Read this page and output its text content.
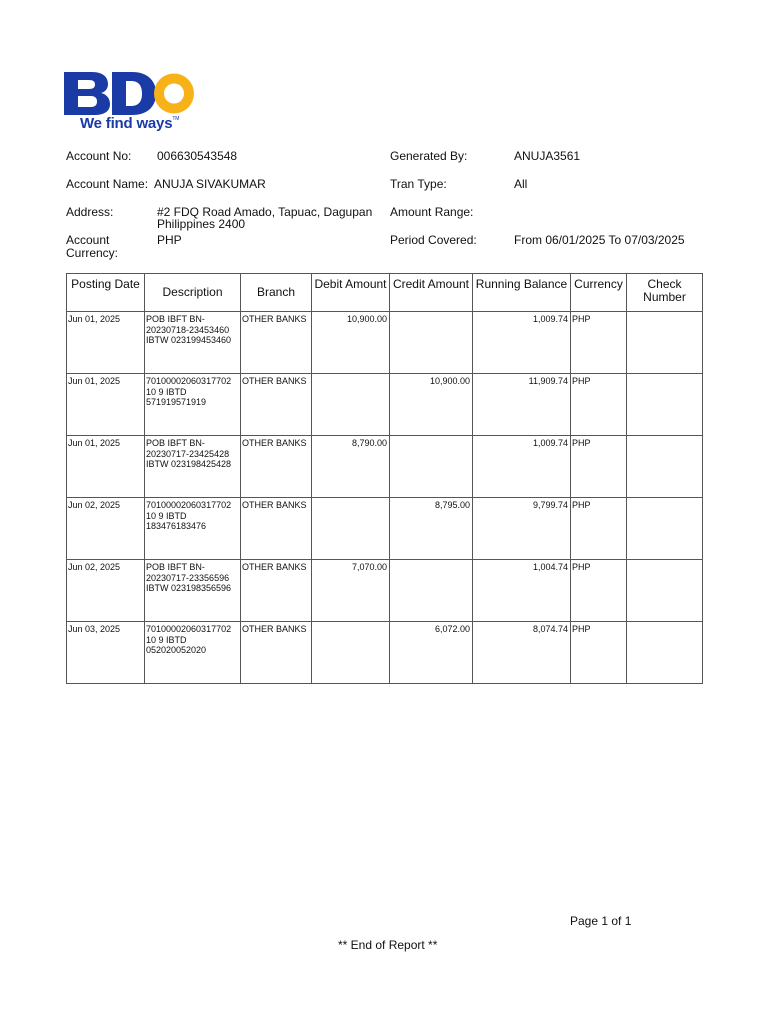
We find ways™
Account No: 006630543548
Account Name: ANUJA SIVAKUMAR
Address:	#2 FDQ Road Amado, Tapuac, Dagupan
Philippines 2400
Account
Currency:
PHP
Generated By:	ANUJA3561
Tran Type:	All
Amount Range:
Period Covered:	From 06/01/2025 To 07/03/2025
Posting Date	Description	Branch	Debit Amount	Credit Amount	Running Balance	Currency	Check Number
Jun 01, 2025	POB IBFT BN-
20230718-23453460
IBTW 023199453460	OTHER BANKS	10,900.00		1,009.74	PHP	
Jun 01, 2025	70100002060317702
10 9 IBTD
571919571919	OTHER BANKS		10,900.00	11,909.74	PHP	
Jun 01, 2025	POB IBFT BN-
20230717-23425428
IBTW 023198425428	OTHER BANKS	8,790.00		1,009.74	PHP	
Jun 02, 2025	70100002060317702
10 9 IBTD
183476183476	OTHER BANKS		8,795.00	9,799.74	PHP	
Jun 02, 2025	POB IBFT BN-
20230717-23356596
IBTW 023198356596	OTHER BANKS	7,070.00		1,004.74	PHP	
Jun 03, 2025	70100002060317702
10 9 IBTD
052020052020	OTHER BANKS		6,072.00	8,074.74	PHP	
Page 1 of 1
** End of Report **
